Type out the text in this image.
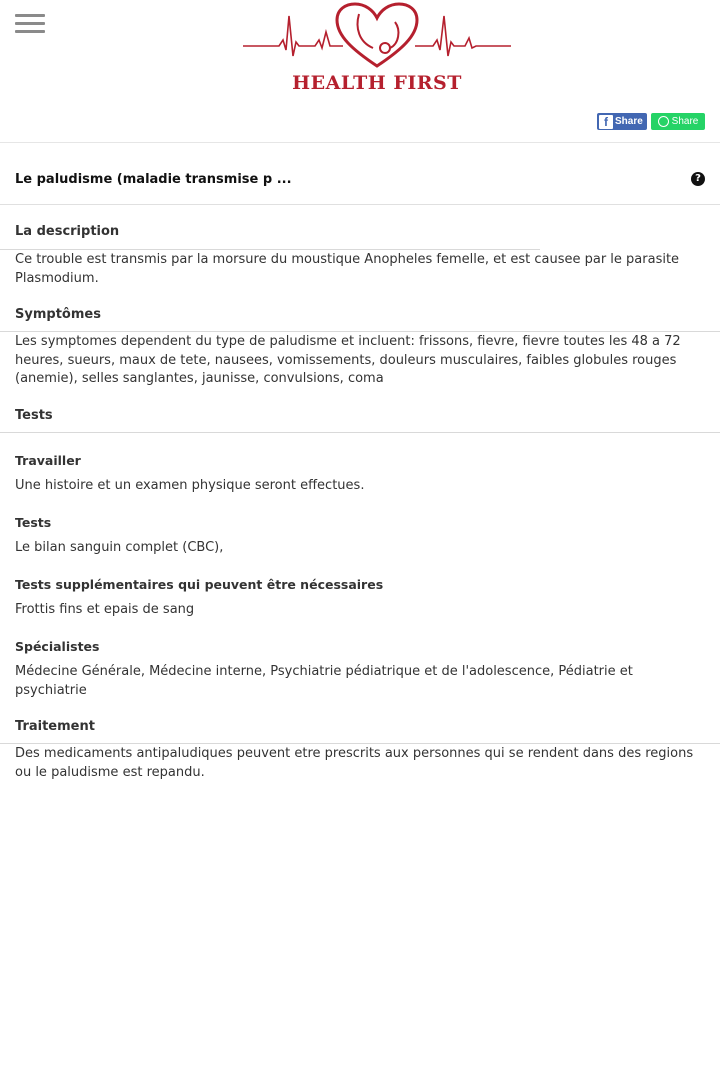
HEALTH FIRST
f Share	Share
Le paludisme (maladie transmise p ...	?
La description
Ce trouble est transmis par la morsure du moustique Anopheles femelle, et est causee par le parasite Plasmodium.
Symptômes
Les symptomes dependent du type de paludisme et incluent: frissons, fievre, fievre toutes les 48 a 72 heures, sueurs, maux de tete, nausees, vomissements, douleurs musculaires, faibles globules rouges (anemie), selles sanglantes, jaunisse, convulsions, coma
Tests
Travailler
Une histoire et un examen physique seront effectues.
Tests
Le bilan sanguin complet (CBC),
Tests supplémentaires qui peuvent être nécessaires
Frottis fins et epais de sang
Spécialistes
Médecine Générale, Médecine interne, Psychiatrie pédiatrique et de l'adolescence, Pédiatrie et psychiatrie
Traitement
Des medicaments antipaludiques peuvent etre prescrits aux personnes qui se rendent dans des regions ou le paludisme est repandu.
